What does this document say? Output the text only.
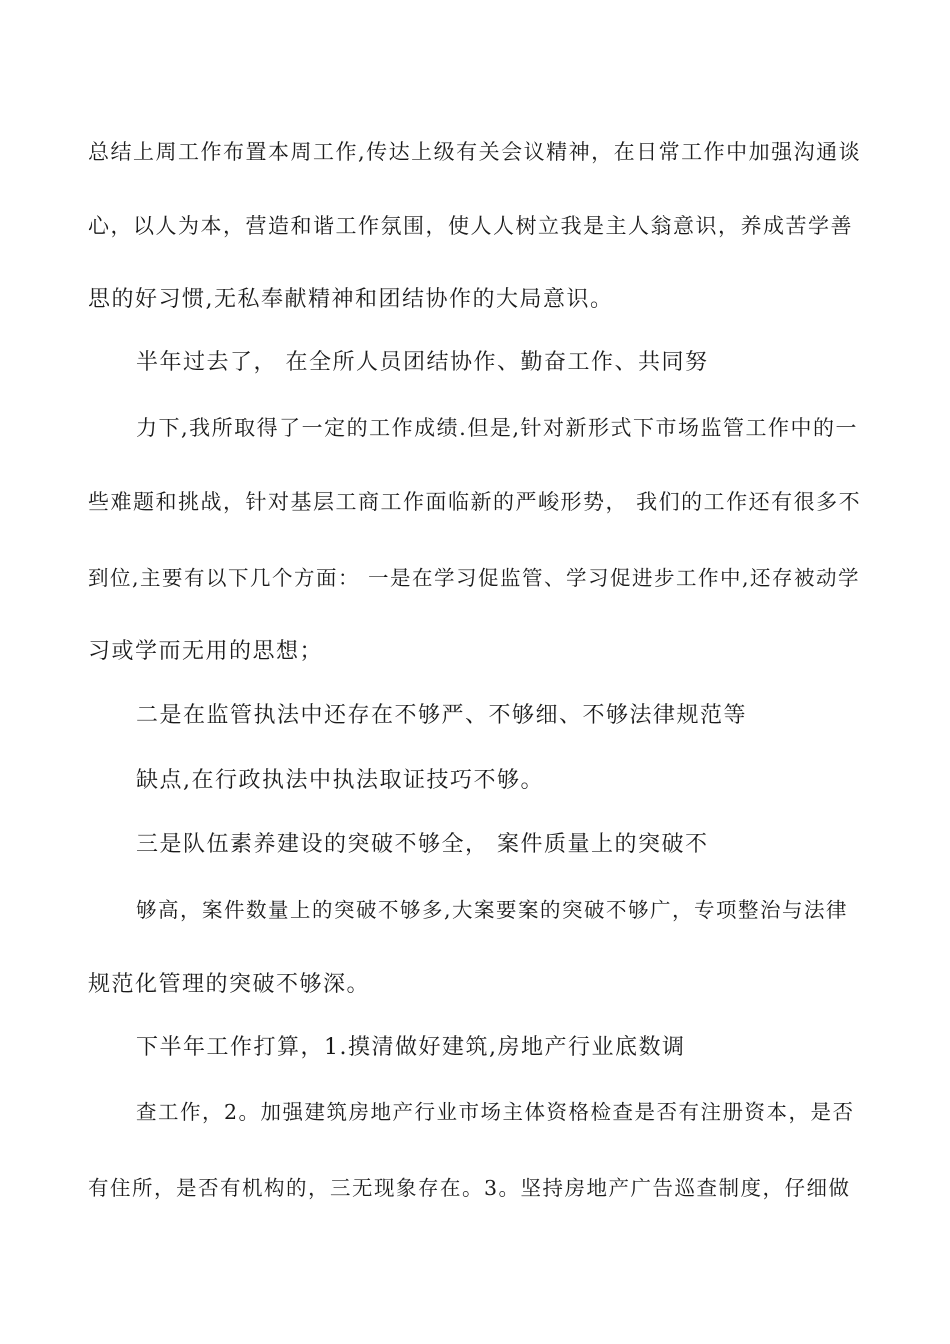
总结上周工作布置本周工作,传达上级有关会议精神，在日常工作中加强沟通谈
心，以人为本，营造和谐工作氛围，使人人树立我是主人翁意识，养成苦学善
思的好习惯,无私奉献精神和团结协作的大局意识。
半年过去了， 在全所人员团结协作、勤奋工作、共同努
力下,我所取得了一定的工作成绩.但是,针对新形式下市场监管工作中的一
些难题和挑战，针对基层工商工作面临新的严峻形势， 我们的工作还有很多不
到位,主要有以下几个方面： 一是在学习促监管、学习促进步工作中,还存被动学
习或学而无用的思想；
二是在监管执法中还存在不够严、不够细、不够法律规范等
缺点,在行政执法中执法取证技巧不够。
三是队伍素养建设的突破不够全， 案件质量上的突破不
够高，案件数量上的突破不够多,大案要案的突破不够广，专项整治与法律
规范化管理的突破不够深。
下半年工作打算，1.摸清做好建筑,房地产行业底数调
查工作，2。加强建筑房地产行业市场主体资格检查是否有注册资本，是否
有住所，是否有机构的，三无现象存在。3。坚持房地产广告巡查制度，仔细做
